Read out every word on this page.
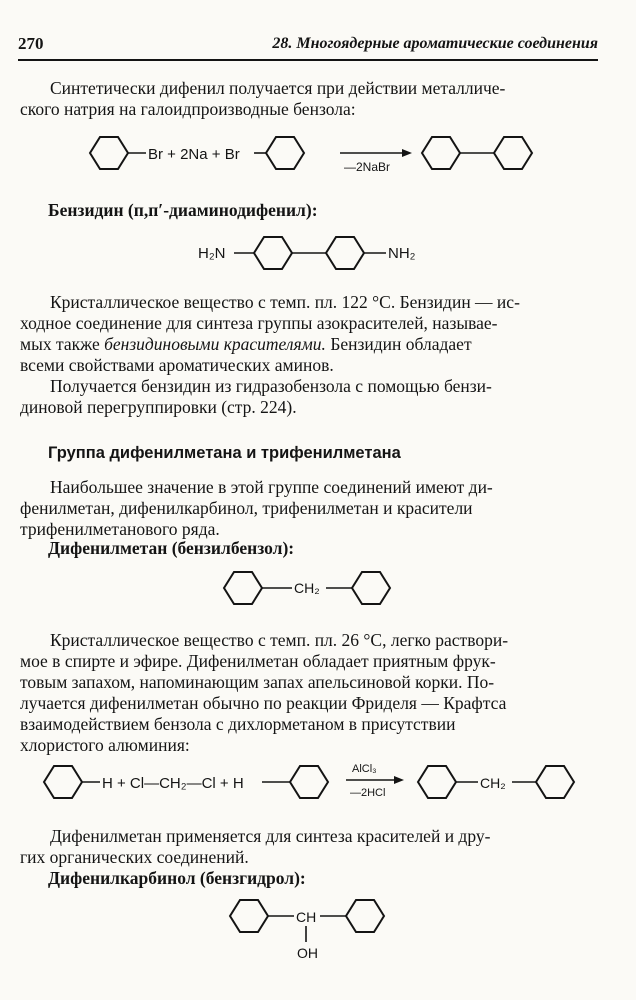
270	28. Многоядерные ароматические соединения
Синтетически дифенил получается при действии металличе-
ского натрия на галоидпроизводные бензола:
Br + 2Na + Br
—2NaBr
Бензидин (п,п′-диаминодифенил):
H₂N	NH₂
Кристаллическое вещество с темп. пл. 122 °С. Бензидин — ис-
ходное соединение для синтеза группы азокрасителей, называе-
мых также бензидиновыми красителями. Бензидин обладает
всеми свойствами ароматических аминов.
Получается бензидин из гидразобензола с помощью бензи-
диновой перегруппировки (стр. 224).
Группа дифенилметана и трифенилметана
Наибольшее значение в этой группе соединений имеют ди-
фенилметан, дифенилкарбинол, трифенилметан и красители
трифенилметанового ряда.
Дифенилметан (бензилбензол):
CH₂
Кристаллическое вещество с темп. пл. 26 °С, легко раствори-
мое в спирте и эфире. Дифенилметан обладает приятным фрук-
товым запахом, напоминающим запах апельсиновой корки. По-
лучается дифенилметан обычно по реакции Фриделя — Крафтса
взаимодействием бензола с дихлорметаном в присутствии
хлористого алюминия:
H + Cl—CH₂—Cl + H
AlCl₃
—2HCl
CH₂
Дифенилметан применяется для синтеза красителей и дру-
гих органических соединений.
Дифенилкарбинол (бензгидрол):
CH
OH
